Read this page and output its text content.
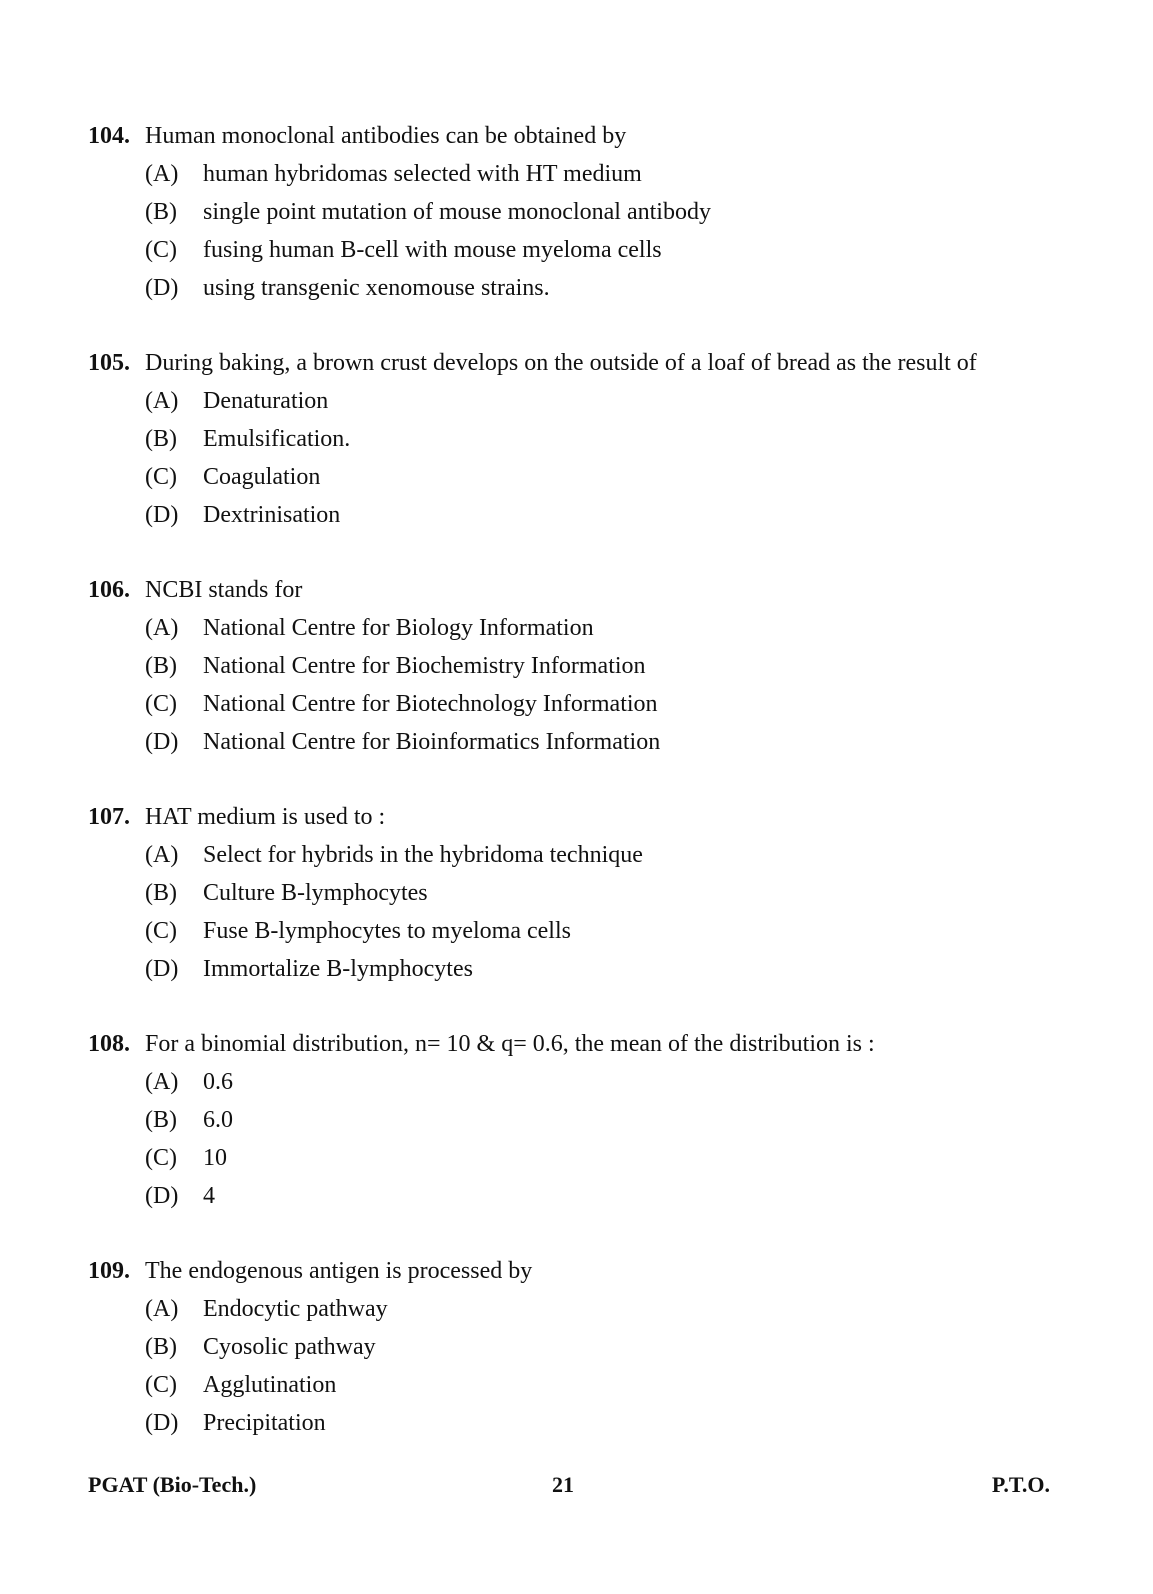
104. Human monoclonal antibodies can be obtained by
(A)	human hybridomas selected with HT medium
(B)	single point mutation of mouse monoclonal antibody
(C)	fusing human B-cell with mouse myeloma cells
(D)	using transgenic xenomouse strains.
105. During baking, a brown crust develops on the outside of a loaf of bread as the result of
(A)	Denaturation
(B)	Emulsification.
(C)	Coagulation
(D)	Dextrinisation
106. NCBI stands for
(A)	National Centre for Biology Information
(B)	National Centre for Biochemistry Information
(C)	National Centre for Biotechnology Information
(D)	National Centre for Bioinformatics Information
107. HAT medium is used to :
(A)	Select for hybrids in the hybridoma technique
(B)	Culture B-lymphocytes
(C)	Fuse B-lymphocytes to myeloma cells
(D)	Immortalize B-lymphocytes
108. For a binomial distribution, n= 10 & q= 0.6, the mean of the distribution is :
(A)	0.6
(B)	6.0
(C)	10
(D)	4
109. The endogenous antigen is processed by
(A)	Endocytic pathway
(B)	Cyosolic pathway
(C)	Agglutination
(D)	Precipitation
PGAT (Bio-Tech.)	21	P.T.O.
